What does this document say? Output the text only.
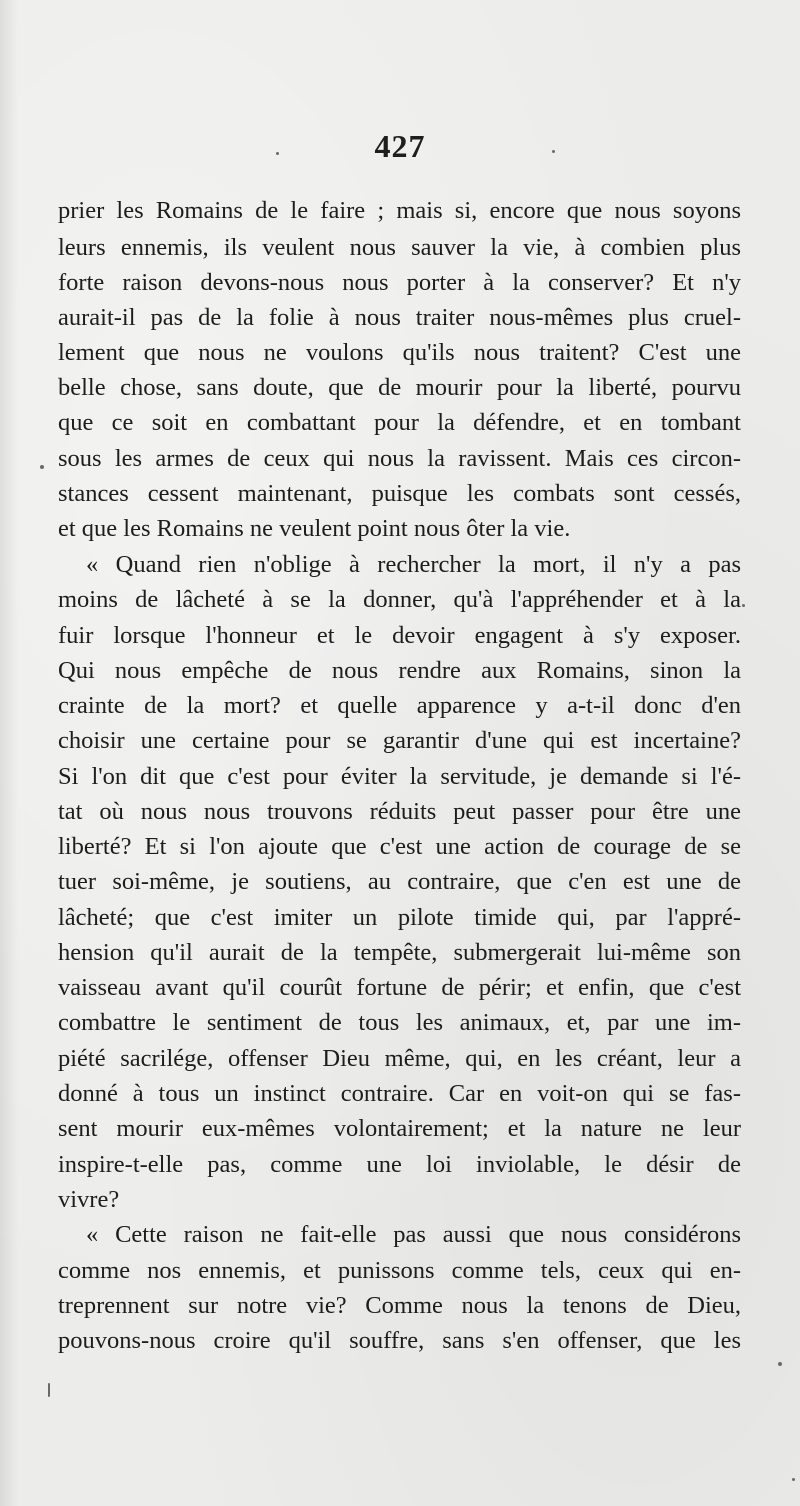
427
prier les Romains de le faire ; mais si, encore que nous soyons
leurs ennemis, ils veulent nous sauver la vie, à combien plus
forte raison devons-nous nous porter à la conserver? Et n'y
aurait-il pas de la folie à nous traiter nous-mêmes plus cruel-
lement que nous ne voulons qu'ils nous traitent? C'est une
belle chose, sans doute, que de mourir pour la liberté, pourvu
que ce soit en combattant pour la défendre, et en tombant
sous les armes de ceux qui nous la ravissent. Mais ces circon-
stances cessent maintenant, puisque les combats sont cessés,
et que les Romains ne veulent point nous ôter la vie.
« Quand rien n'oblige à rechercher la mort, il n'y a pas
moins de lâcheté à se la donner, qu'à l'appréhender et à la
fuir lorsque l'honneur et le devoir engagent à s'y exposer.
Qui nous empêche de nous rendre aux Romains, sinon la
crainte de la mort? et quelle apparence y a-t-il donc d'en
choisir une certaine pour se garantir d'une qui est incertaine?
Si l'on dit que c'est pour éviter la servitude, je demande si l'é-
tat où nous nous trouvons réduits peut passer pour être une
liberté? Et si l'on ajoute que c'est une action de courage de se
tuer soi-même, je soutiens, au contraire, que c'en est une de
lâcheté; que c'est imiter un pilote timide qui, par l'appré-
hension qu'il aurait de la tempête, submergerait lui-même son
vaisseau avant qu'il courût fortune de périr; et enfin, que c'est
combattre le sentiment de tous les animaux, et, par une im-
piété sacrilége, offenser Dieu même, qui, en les créant, leur a
donné à tous un instinct contraire. Car en voit-on qui se fas-
sent mourir eux-mêmes volontairement; et la nature ne leur
inspire-t-elle pas, comme une loi inviolable, le désir de
vivre?
« Cette raison ne fait-elle pas aussi que nous considérons
comme nos ennemis, et punissons comme tels, ceux qui en-
treprennent sur notre vie? Comme nous la tenons de Dieu,
pouvons-nous croire qu'il souffre, sans s'en offenser, que les
